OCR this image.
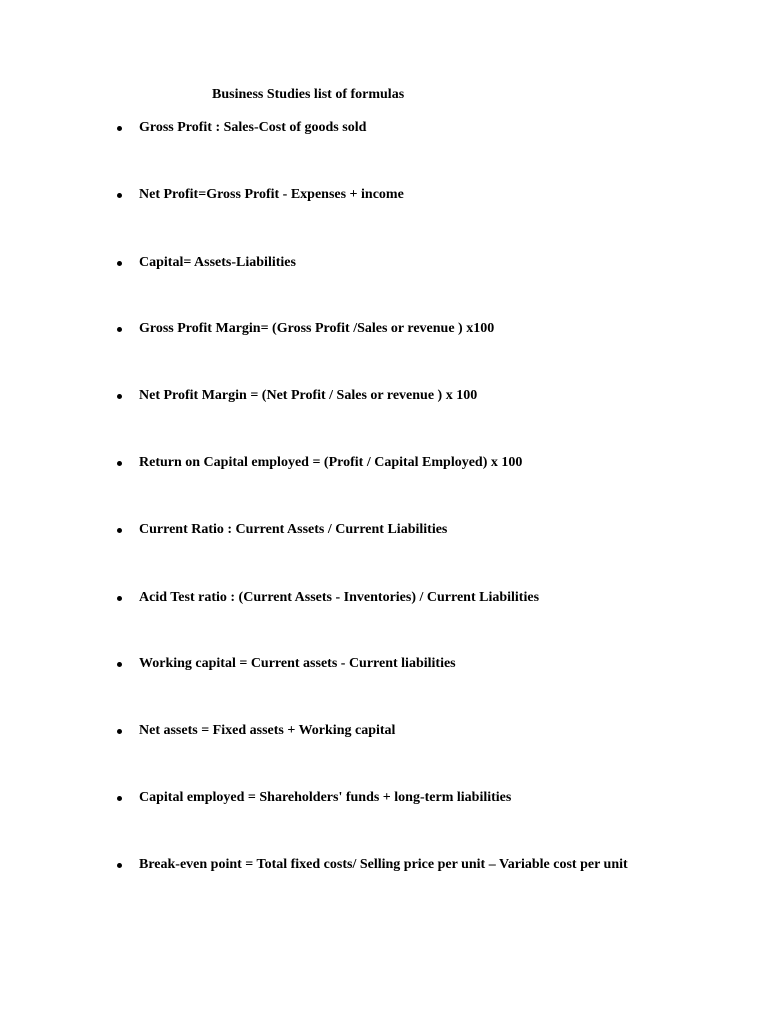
Business Studies list of formulas
Gross Profit : Sales-Cost of goods sold
Net Profit=Gross Profit - Expenses + income
Capital= Assets-Liabilities
Gross Profit Margin= (Gross Profit /Sales or revenue ) x100
Net Profit Margin = (Net Profit / Sales or revenue ) x 100
Return on Capital employed = (Profit / Capital Employed) x 100
Current Ratio : Current Assets / Current Liabilities
Acid Test ratio : (Current Assets - Inventories) / Current Liabilities
Working capital = Current assets - Current liabilities
Net assets = Fixed assets + Working capital
Capital employed = Shareholders' funds + long-term liabilities
Break-even point = Total fixed costs/ Selling price per unit – Variable cost per unit
